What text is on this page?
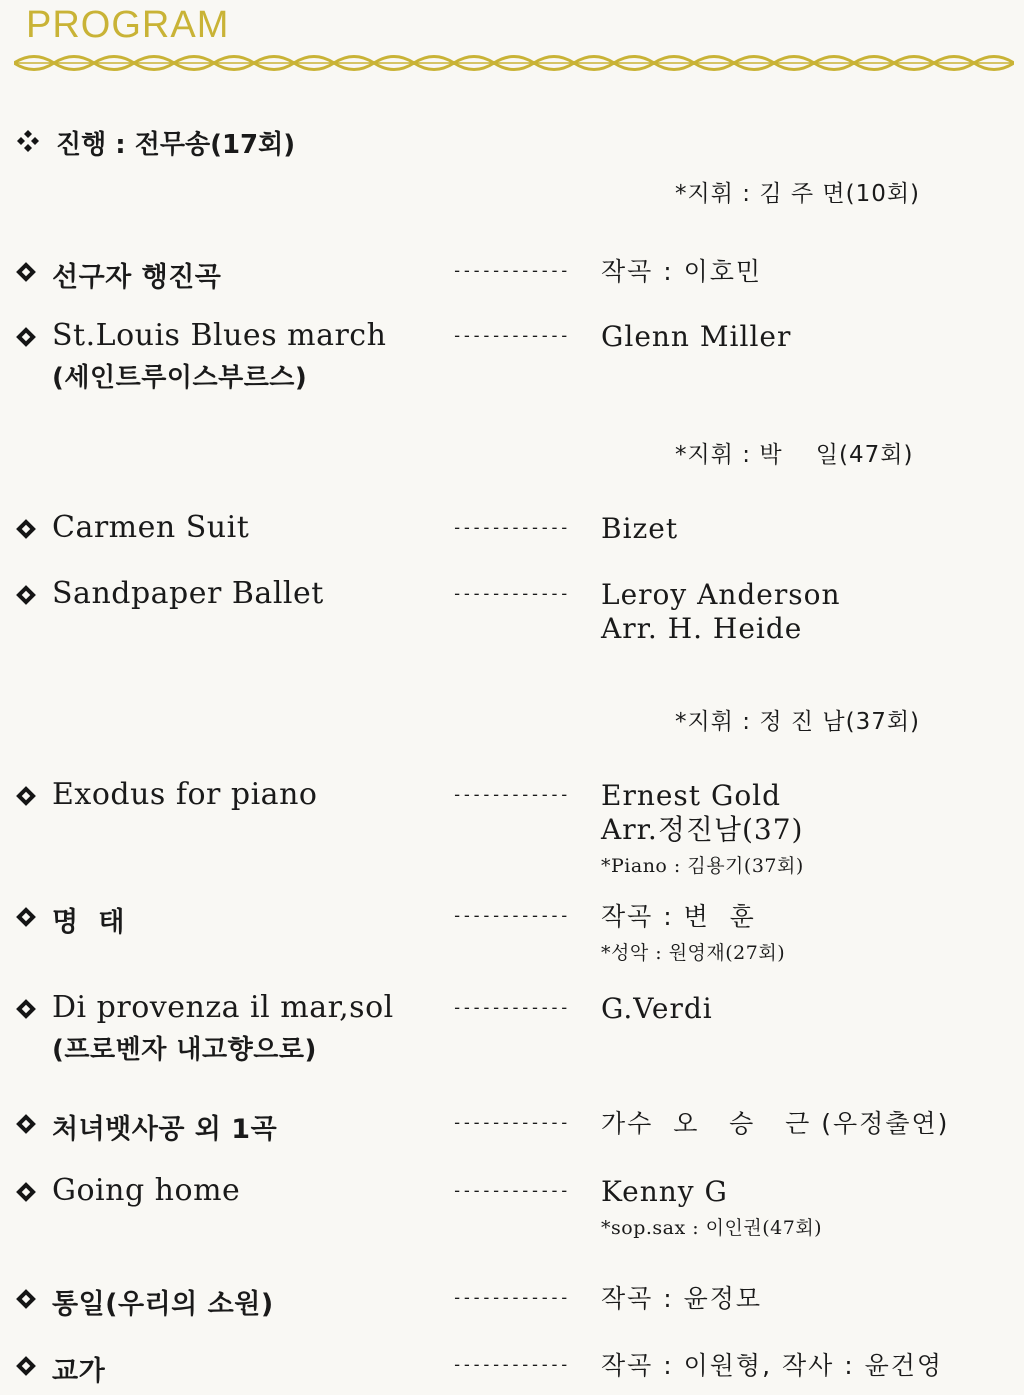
PROGRAM
진행 : 전무송(17회)
*지휘 : 김 주 면(10회)
*지휘 : 박    일(47회)
*지휘 : 정 진 남(37회)
선구자 행진곡	------------ 작곡 : 이호민
St.Louis Blues march
(세인트루이스부르스)
------------ Glenn Miller
Carmen Suit	------------ Bizet
Sandpaper Ballet	------------ Leroy Anderson
Arr. H. Heide
Exodus for piano	------------ Ernest Gold
Arr.정진남(37)
*Piano : 김용기(37회)
명  태	------------ 작곡 : 변  훈
*성악 : 원영재(27회)
Di provenza il mar,sol
(프로벤자 내고향으로)
------------ G.Verdi
처녀뱃사공 외 1곡	------------ 가수  오   승   근 (우정출연)
Going home	------------ Kenny G
*sop.sax : 이인권(47회)
통일(우리의 소원)	------------ 작곡 : 윤정모
교가	------------ 작곡 : 이원형, 작사 : 윤건영
